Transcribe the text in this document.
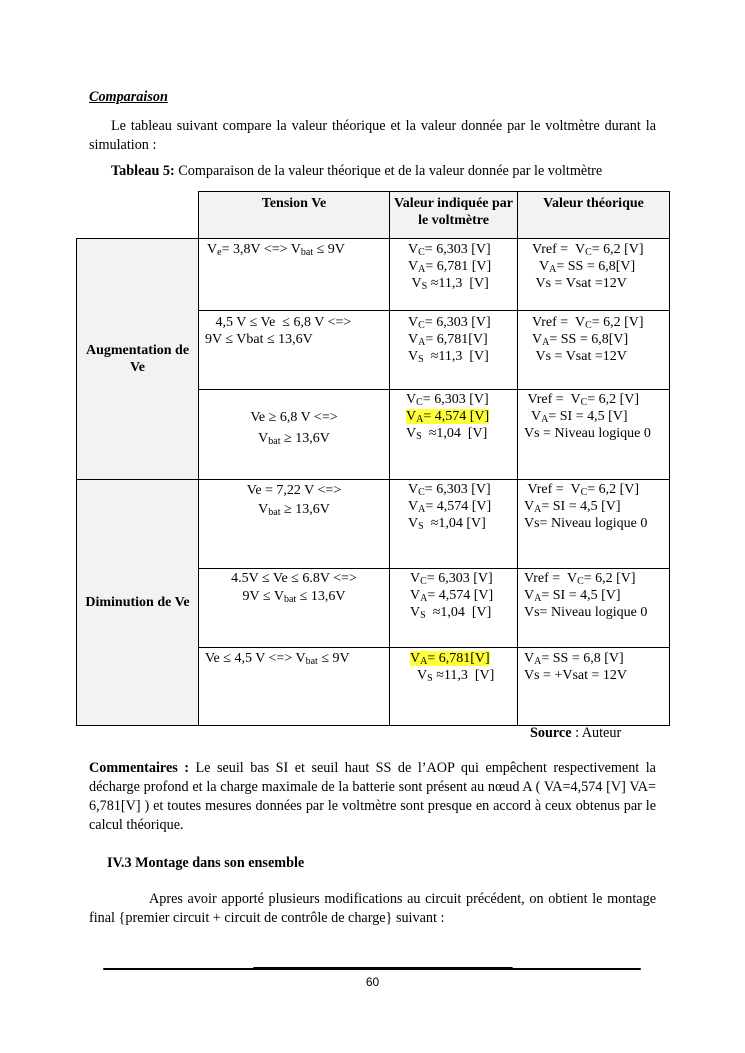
Comparaison
Le tableau suivant compare la valeur théorique et la valeur donnée par le voltmètre durant la simulation :
Tableau 5: Comparaison de la valeur théorique et de la valeur donnée par le voltmètre
	Tension Ve	Valeur indiquée par le voltmètre	Valeur théorique
Augmentation de Ve	$V_e= 3,8V$ <=> $V_{bat} \le 9V$	$V_C= 6,303$ [V]
$V_A= 6,781$ [V]
$V_S \approx 11,3$  [V]	Vref =  $V_C= 6,2$ [V]
$V_A=$ SS = 6,8[V]
Vs = Vsat =12V

	4,5 V ≤ Ve  ≤ 6,8 V <=>
9V ≤ Vbat ≤ 13,6V	$V_C= 6,303$ [V]
$V_A= 6,781[V]$
$V_S \approx 11,3$  [V]	Vref =  $V_C= 6,2$ [V]
$V_A=$ SS = 6,8[V]
Vs = Vsat =12V

	Ve ≥ 6,8 V <=>
$V_{bat} \ge 13,6V$	$V_C= 6,303$ [V]
$V_A= 4,574$ [V]
$V_S \approx 1,04$  [V]	Vref =  $V_C= 6,2$ [V]
$V_A=$ SI = 4,5 [V]
Vs = Niveau logique 0

Diminution de Ve	Ve = 7,22 V <=>
$V_{bat} \ge 13,6V$	$V_C= 6,303$ [V]
$V_A= 4,574$ [V]
$V_S \approx 1,04$ [V]	Vref =  $V_C= 6,2$ [V]
$V_A=$ SI = 4,5 [V]
Vs= Niveau logique 0

	4.5V ≤ Ve ≤ 6.8V <=>
$9V \le V_{bat} \le 13,6V$	$V_C= 6,303$ [V]
$V_A= 4,574$ [V]
$V_S \approx 1,04$  [V]	Vref =  $V_C= 6,2$ [V]
$V_A=$ SI = 4,5 [V]
Vs= Niveau logique 0

	Ve ≤ 4,5 V <=> $V_{bat} \le 9V$	$V_A= 6,781[V]$
$V_S \approx 11,3$  [V]	$V_A=$ SS = 6,8 [V]
Vs = +Vsat = 12V
Source : Auteur
Commentaires : Le seuil bas SI et seuil haut SS de l’AOP qui empêchent respectivement la décharge profond et la charge maximale de la batterie sont présent au nœud A ( VA=4,574 [V] VA= 6,781[V] ) et toutes mesures données par le voltmètre sont presque en accord à ceux obtenus par le calcul théorique.
IV.3 Montage dans son ensemble
Apres avoir apporté plusieurs modifications au circuit précédent, on obtient le montage final {premier circuit + circuit de contrôle de charge} suivant :
60
